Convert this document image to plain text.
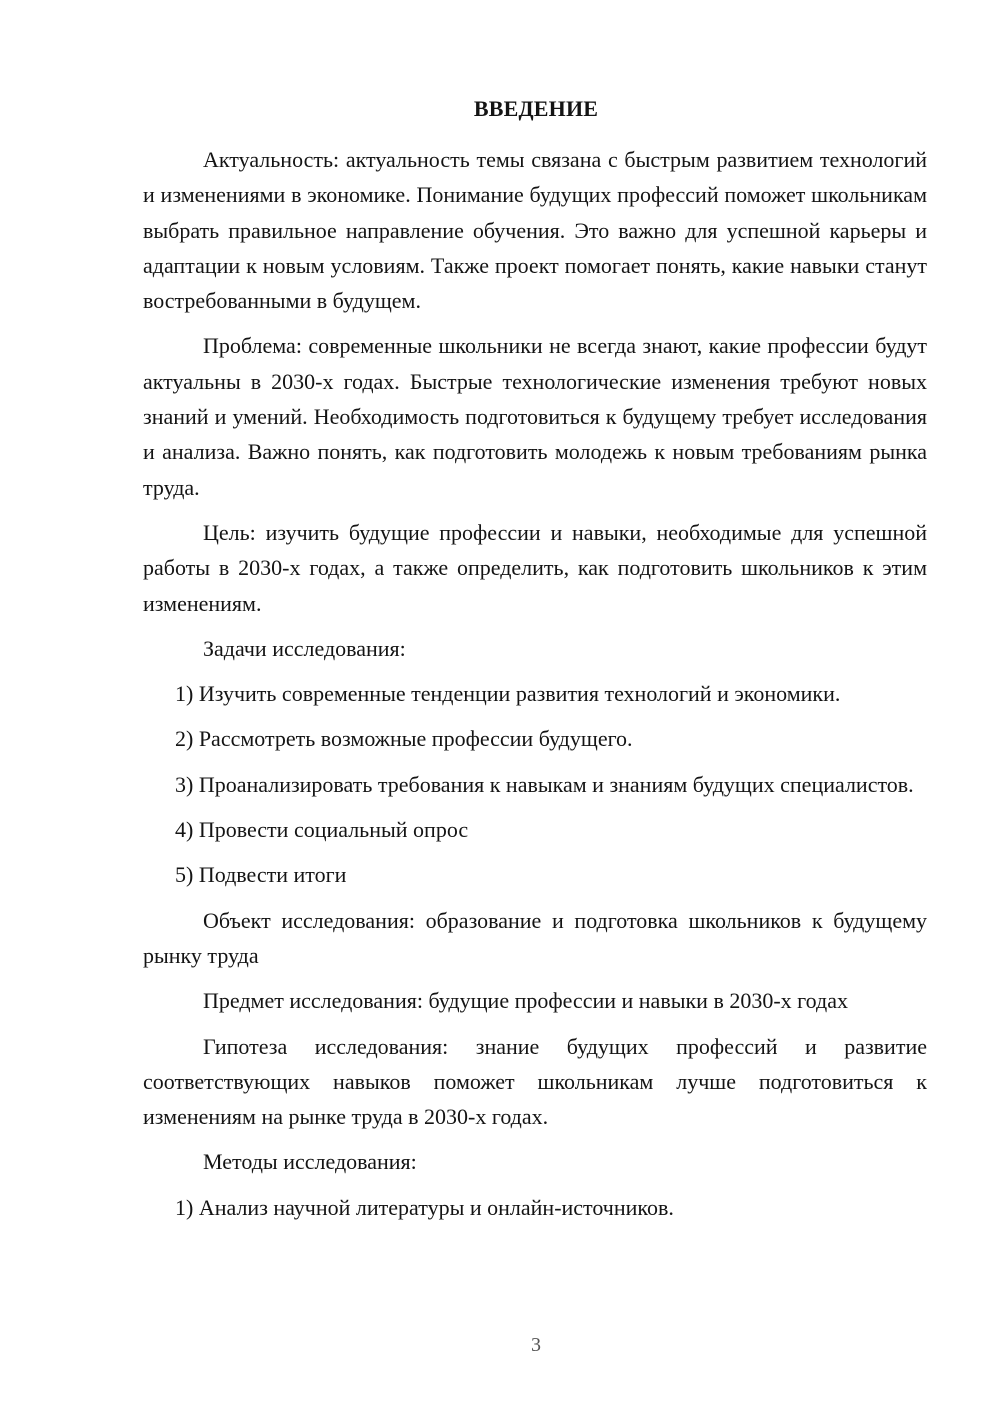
ВВЕДЕНИЕ

Актуальность: актуальность темы связана с быстрым развитием технологий и изменениями в экономике. Понимание будущих профессий поможет школьникам выбрать правильное направление обучения. Это важно для успешной карьеры и адаптации к новым условиям. Также проект помогает понять, какие навыки станут востребованными в будущем.

Проблема: современные школьники не всегда знают, какие профессии будут актуальны в 2030-х годах. Быстрые технологические изменения требуют новых знаний и умений. Необходимость подготовиться к будущему требует исследования и анализа. Важно понять, как подготовить молодежь к новым требованиям рынка труда.

Цель: изучить будущие профессии и навыки, необходимые для успешной работы в 2030-х годах, а также определить, как подготовить школьников к этим изменениям.

Задачи исследования:

1) Изучить современные тенденции развития технологий и экономики.

2) Рассмотреть возможные профессии будущего.

3) Проанализировать требования к навыкам и знаниям будущих специалистов.

4) Провести социальный опрос

5) Подвести итоги

Объект исследования: образование и подготовка школьников к будущему рынку труда

Предмет исследования: будущие профессии и навыки в 2030-х годах

Гипотеза исследования: знание будущих профессий и развитие соответствующих навыков поможет школьникам лучше подготовиться к изменениям на рынке труда в 2030-х годах.

Методы исследования:

1) Анализ научной литературы и онлайн-источников.

3
